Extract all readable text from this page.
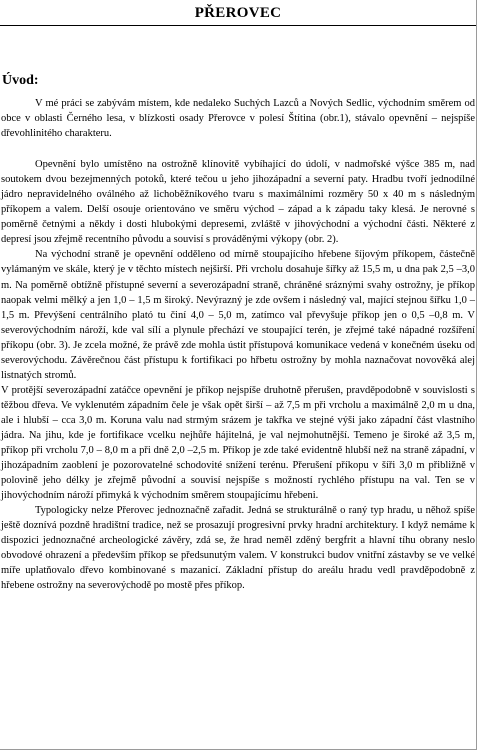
PŘEROVEC
Úvod:

V mé práci se zabývám místem, kde nedaleko Suchých Lazců a Nových Sedlic, východním směrem od obce v oblasti Černého lesa, v blízkosti osady Přerovce v polesí Štítina (obr.1), stávalo opevnění – nejspíše dřevohlinitého charakteru.

Opevnění bylo umístěno na ostrožně klínovitě vybíhající do údolí, v nadmořské výšce 385 m, nad soutokem dvou bezejmenných potoků, které tečou u jeho jihozápadní a severní paty. Hradbu tvoří jednodílné jádro nepravidelného oválného až lichoběžníkového tvaru s maximálními rozměry 50 x 40 m s následným příkopem a valem. Delší osouje orientováno ve směru východ – západ a k západu taky klesá. Je nerovné s poměrně četnými a někdy i dosti hlubokými depresemi, zvláště v jihovýchodní a východní části. Některé z depresí jsou zřejmě recentního původu a souvisí s prováděnými výkopy (obr. 2).

Na východní straně je opevnění odděleno od mírně stoupajícího hřebene šíjovým příkopem, částečně vylámaným ve skále, který je v těchto místech nejširší. Při vrcholu dosahuje šířky až 15,5 m, u dna pak 2,5 –3,0 m. Na poměrně obtížně přístupné severní a severozápadní straně, chráněné sráznými svahy ostrožny, je příkop naopak velmi mělký a jen 1,0 – 1,5 m široký. Nevýrazný je zde ovšem i následný val, mající stejnou šířku 1,0 –1,5 m. Převýšení centrálního plató tu činí 4,0 – 5,0 m, zatímco val převyšuje příkop jen o 0,5 –0,8 m. V severovýchodním nároží, kde val sílí a plynule přechází ve stoupající terén, je zřejmé také nápadné rozšíření příkopu (obr. 3). Je zcela možné, že právě zde mohla ústit přístupová komunikace vedená v konečném úseku od severovýchodu. Závěrečnou část přístupu k fortifikaci po hřbetu ostrožny by mohla naznačovat novověká alej listnatých stromů.

V protější severozápadní zatáčce opevnění je příkop nejspíše druhotně přerušen, pravděpodobně v souvislosti s těžbou dřeva. Ve vyklenutém západním čele je však opět širší – až 7,5 m při vrcholu a maximálně 2,0 m u dna, ale i hlubší – cca 3,0 m. Koruna valu nad strmým srázem je takřka ve stejné výši jako západní část vlastního jádra. Na jihu, kde je fortifikace vcelku nejhůře hájitelná, je val nejmohutnější. Temeno je široké až 3,5 m, příkop při vrcholu 7,0 – 8,0 m a při dně 2,0 –2,5 m. Příkop je zde také evidentně hlubší než na straně západní, v jihozápadním zaoblení je pozorovatelné schodovité snížení terénu. Přerušení příkopu v šíři 3,0 m přibližně v polovině jeho délky je zřejmě původní a souvisí nejspíše s možností rychlého přístupu na val. Ten se v jihovýchodním nároží přimyká k východním směrem stoupajícímu hřebeni.

Typologicky nelze Přerovec jednoznačně zařadit. Jedná se strukturálně o raný typ hradu, u něhož spíše ještě doznívá pozdně hradištní tradice, než se prosazují progresivní prvky hradní architektury. I když nemáme k dispozici jednoznačné archeologické závěry, zdá se, že hrad neměl zděný bergfrit a hlavní tíhu obrany neslo obvodové ohrazení a především příkop se předsunutým valem. V konstrukci budov vnitřní zástavby se ve velké míře uplatňovalo dřevo kombinované s mazanicí. Základní přístup do areálu hradu vedl pravděpodobně z hřebene ostrožny na severovýchodě po mostě přes příkop.
